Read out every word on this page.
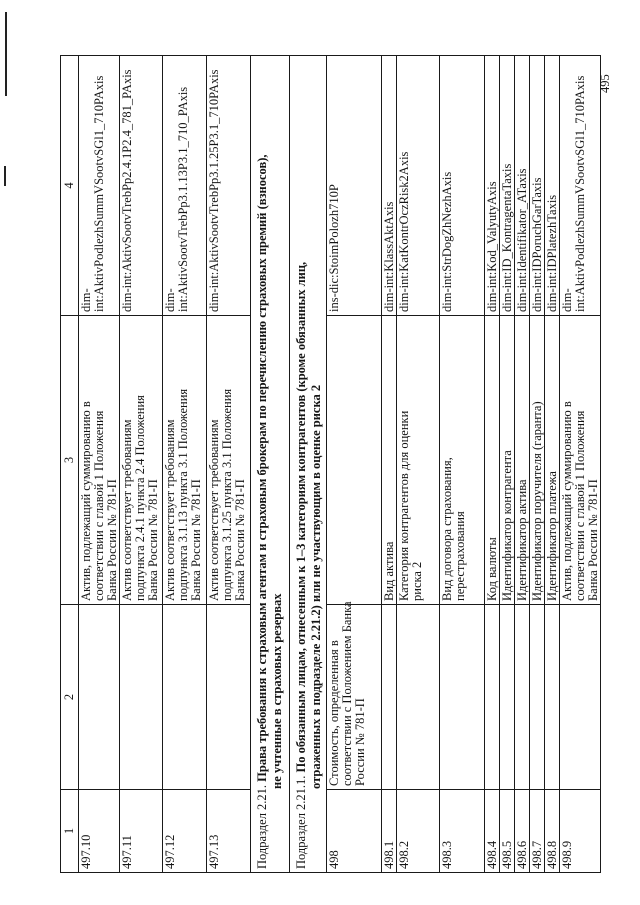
1	2	3	4
497.10		Актив, подлежащий суммированию в
соответствии с главой 1 Положения
Банка России № 781-П	dim-
int:AktivPodlezhSummVSootvSGl1_710PAxis
497.11		Актив соответствует требованиям
подпункта 2.4.1 пункта 2.4 Положения
Банка России № 781-П	dim-int:AktivSootvTrebPp2.4.1P2.4_781_PAxis
497.12		Актив соответствует требованиям
подпункта 3.1.13 пункта 3.1 Положения
Банка России № 781-П	dim-
int:AktivSootvTrebPp3.1.13P3.1_710_PAxis
497.13		Актив соответствует требованиям
подпункта 3.1.25 пункта 3.1 Положения
Банка России № 781-П	dim-int:AktivSootvTrebPp3.1.25P3.1_710PAxis
Подраздел 2.21. Права требования к страховым агентам и страховым брокерам по перечислению страховых премий (взносов),
не учтенные в страховых резервах			
Подраздел 2.21.1. По обязанным лицам, отнесенным к 1–3 категориям контрагентов (кроме обязанных лиц,
отраженных в подразделе 2.21.2) или не участвующим в оценке риска 2			
498	Стоимость, определенная в
соответствии с Положением Банка
России № 781-П		ins-dic:StoimPolozh710P
498.1		Вид актива	dim-int:KlassAktAxis
498.2		Категория контрагентов для оценки
риска 2	dim-int:KatKontrOczRisk2Axis
498.3		Вид договора страхования,
перестрахования	dim-int:StrDogZhNezhAxis
498.4		Код валюты	dim-int:Kod_ValyutyAxis
498.5		Идентификатор контрагента	dim-int:ID_KontragentaTaxis
498.6		Идентификатор актива	dim-int:Identifikator_ATaxis
498.7		Идентификатор поручителя (гаранта)	dim-int:IDPoruchGarTaxis
498.8		Идентификатор платежа	dim-int:IDPlatezhTaxis
498.9		Актив, подлежащий суммированию в
соответствии с главой 1 Положения
Банка России № 781-П	dim-
int:AktivPodlezhSummVSootvSGl1_710PAxis 495
